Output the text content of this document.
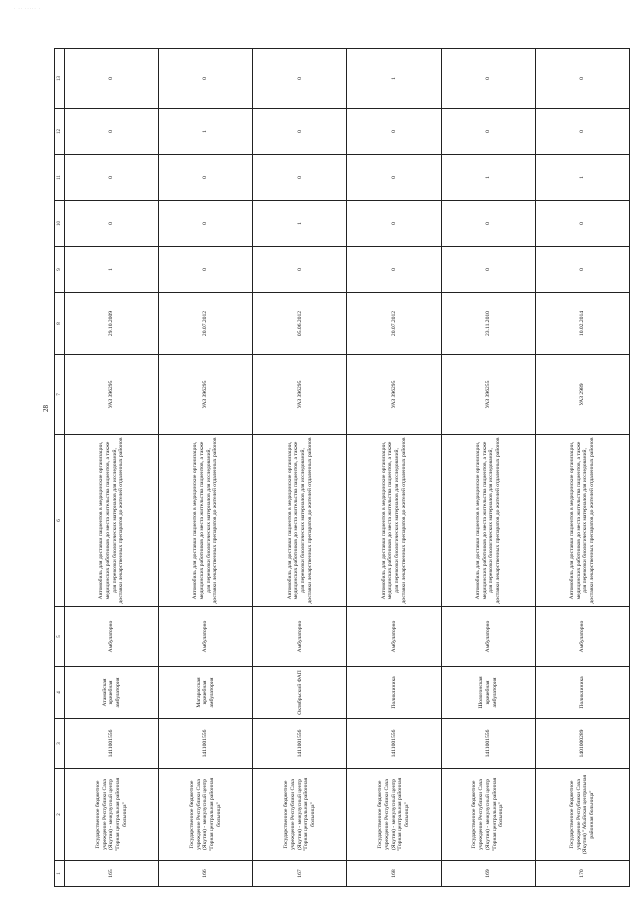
· ·· ····· ·
28
1	2	3	4	5	6	7	8	9	10	11	12	13
165	Государственное бюджетное учреждение Республики Саха (Якутия) - межулусный центр "Горная центральная районная больница"	1411001556	Атамайская врачебная амбулатория	Амбулаторно	Автомобиль для доставки пациентов в медицинские организации, медицинских работников до места жительства пациентов, а также для перевозки биологических материалов для исследований, доставки лекарственных препаратов до жителей отдаленных районов	УАЗ 396295	29.10.2009	1	0	0	0	0
166	Государственное бюджетное учреждение Республики Саха (Якутия) - межулусный центр "Горная центральная районная больница"	1411001556	Магарасская врачебная амбулатория	Амбулаторно	Автомобиль для доставки пациентов в медицинские организации, медицинских работников до места жительства пациентов, а также для перевозки биологических материалов для исследований, доставки лекарственных препаратов до жителей отдаленных районов	УАЗ 396295	20.07.2012	0	0	0	1	0
167	Государственное бюджетное учреждение Республики Саха (Якутия) - межулусный центр "Горная центральная районная больница"	1411001556	Октябрьский ФАП	Амбулаторно	Автомобиль для доставки пациентов в медицинские организации, медицинских работников до места жительства пациентов, а также для перевозки биологических материалов для исследований, доставки лекарственных препаратов до жителей отдаленных районов	УАЗ 396295	05.06.2012	0	1	0	0	0
168	Государственное бюджетное учреждение Республики Саха (Якутия) - межулусный центр "Горная центральная районная больница"	1411001556	Поликлиника	Амбулаторно	Автомобиль для доставки пациентов в медицинские организации, медицинских работников до места жительства пациентов, а также для перевозки биологических материалов для исследований, доставки лекарственных препаратов до жителей отдаленных районов	УАЗ 396295	20.07.2012	0	0	0	0	1
169	Государственное бюджетное учреждение Республики Саха (Якутия) - межулусный центр "Горная центральная районная больница"	1411001556	Шологонская врачебная амбулатория	Амбулаторно	Автомобиль для доставки пациентов в медицинские организации, медицинских работников до места жительства пациентов, а также для перевозки биологических материалов для исследований, доставки лекарственных препаратов до жителей отдаленных районов	УАЗ 396255	23.11.2010	0	0	1	0	0
170	Государственное бюджетное учреждение Республики Саха (Якутия) "Абыйская центральная районная больница"	1401000289	Поликлиника	Амбулаторно	Автомобиль для доставки пациентов в медицинские организации, медицинских работников до места жительства пациентов, а также для перевозки биологических материалов для исследований, доставки лекарственных препаратов до жителей отдаленных районов	УАЗ 2989	10.02.2014	0	0	1	0	0
